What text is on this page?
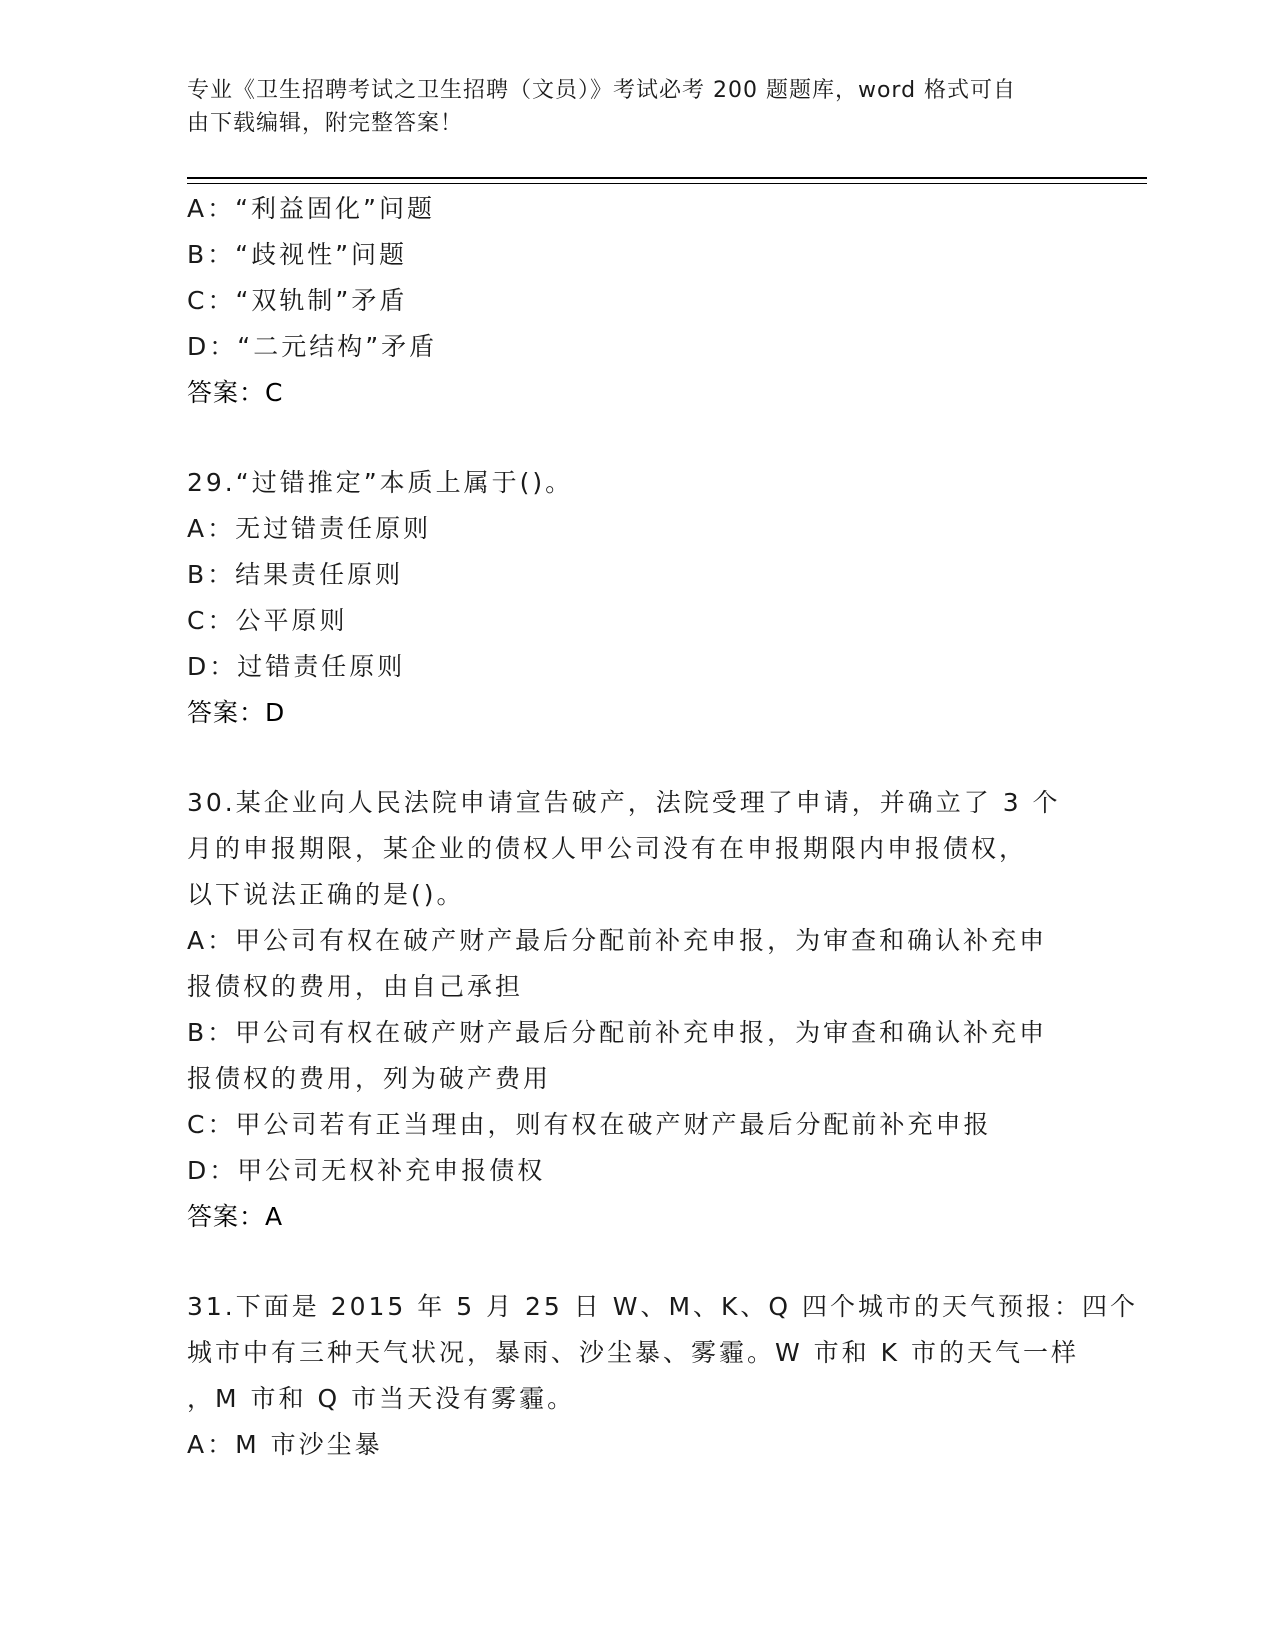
专业《卫生招聘考试之卫生招聘（文员）》考试必考 200 题题库，word 格式可自
由下载编辑，附完整答案！
A：“利益固化”问题
B：“歧视性”问题
C：“双轨制”矛盾
D：“二元结构”矛盾
答案：C
29.“过错推定”本质上属于()。
A：无过错责任原则
B：结果责任原则
C：公平原则
D：过错责任原则
答案：D
30.某企业向人民法院申请宣告破产，法院受理了申请，并确立了 3 个
月的申报期限，某企业的债权人甲公司没有在申报期限内申报债权，
以下说法正确的是()。
A：甲公司有权在破产财产最后分配前补充申报，为审查和确认补充申
报债权的费用，由自己承担
B：甲公司有权在破产财产最后分配前补充申报，为审查和确认补充申
报债权的费用，列为破产费用
C：甲公司若有正当理由，则有权在破产财产最后分配前补充申报
D：甲公司无权补充申报债权
答案：A
31.下面是 2015 年 5 月 25 日 W、M、K、Q 四个城市的天气预报：四个
城市中有三种天气状况，暴雨、沙尘暴、雾霾。W 市和 K 市的天气一样
，M 市和 Q 市当天没有雾霾。
A：M 市沙尘暴
